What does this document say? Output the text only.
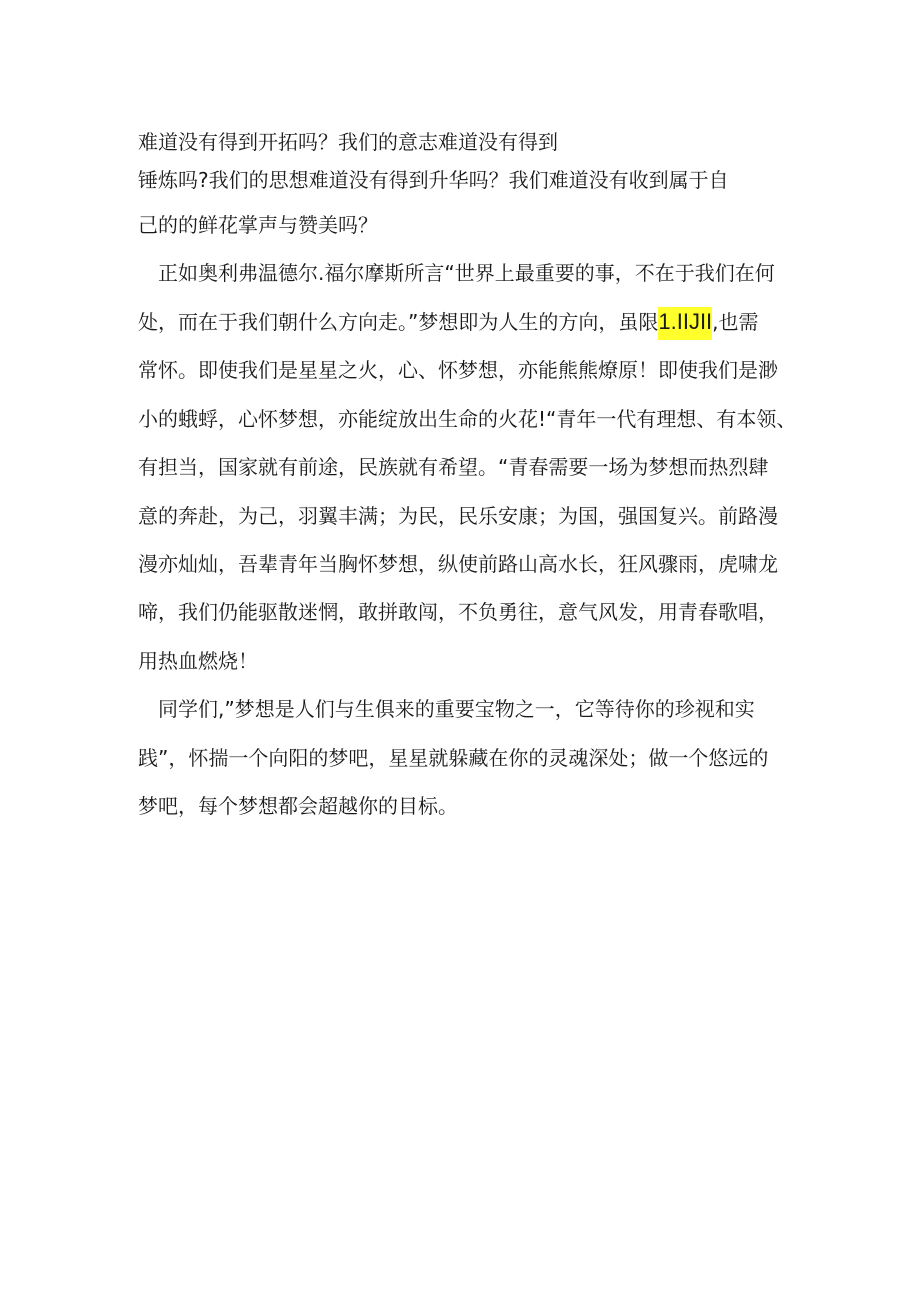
难道没有得到开拓吗？我们的意志难道没有得到
锤炼吗?我们的思想难道没有得到升华吗？我们难道没有收到属于自
己的的鲜花掌声与赞美吗？
正如奥利弗温德尔.福尔摩斯所言“世界上最重要的事，不在于我们在何
处，而在于我们朝什么方向走。”梦想即为人生的方向，虽限1.IIJII,也需
常怀。即使我们是星星之火，心、怀梦想，亦能熊熊燎原！即使我们是渺
小的蛾蜉，心怀梦想，亦能绽放出生命的火花!“青年一代有理想、有本领、
有担当，国家就有前途，民族就有希望。“青春需要一场为梦想而热烈肆
意的奔赴，为己，羽翼丰满；为民，民乐安康；为国，强国复兴。前路漫
漫亦灿灿，吾辈青年当胸怀梦想，纵使前路山高水长，狂风骤雨，虎啸龙
啼，我们仍能驱散迷惘，敢拼敢闯，不负勇往，意气风发，用青春歌唱，
用热血燃烧！
同学们,”梦想是人们与生俱来的重要宝物之一，它等待你的珍视和实
践”，怀揣一个向阳的梦吧，星星就躲藏在你的灵魂深处；做一个悠远的
梦吧，每个梦想都会超越你的目标。
